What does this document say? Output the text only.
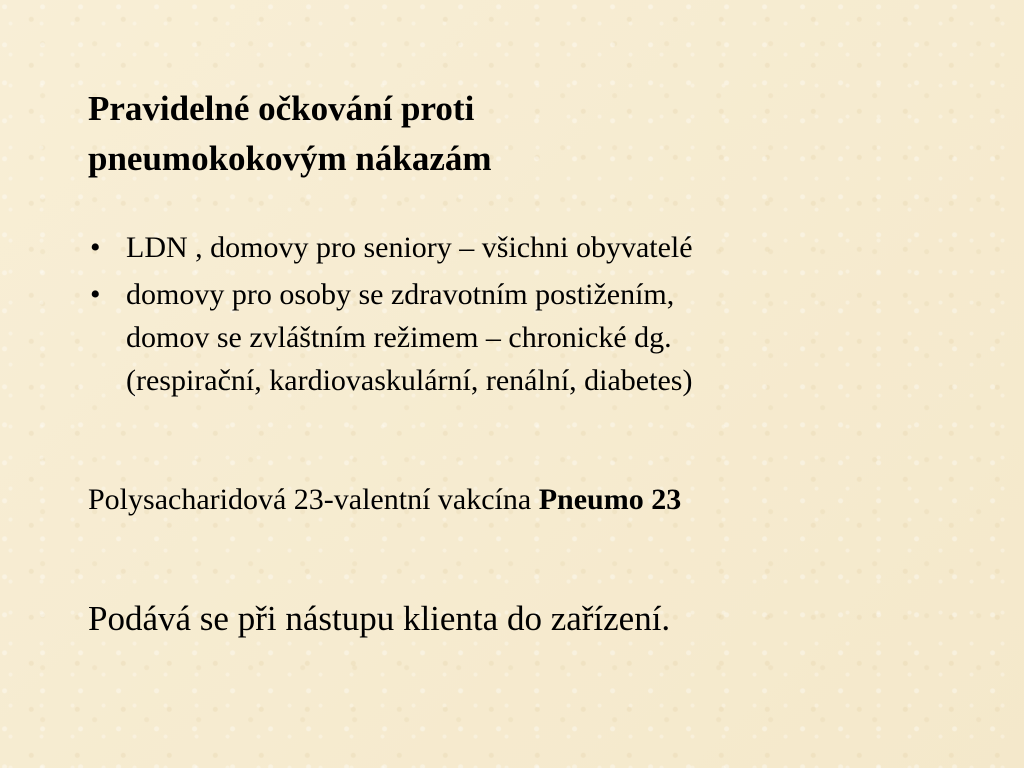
Pravidelné očkování proti
pneumokokovým nákazám
• LDN , domovy pro seniory – všichni obyvatelé
• domovy pro osoby se zdravotním postižením,
domov se zvláštním režimem – chronické dg.
(respirační, kardiovaskulární, renální, diabetes)

Polysacharidová 23-valentní vakcína Pneumo 23

Podává se při nástupu klienta do zařízení.
